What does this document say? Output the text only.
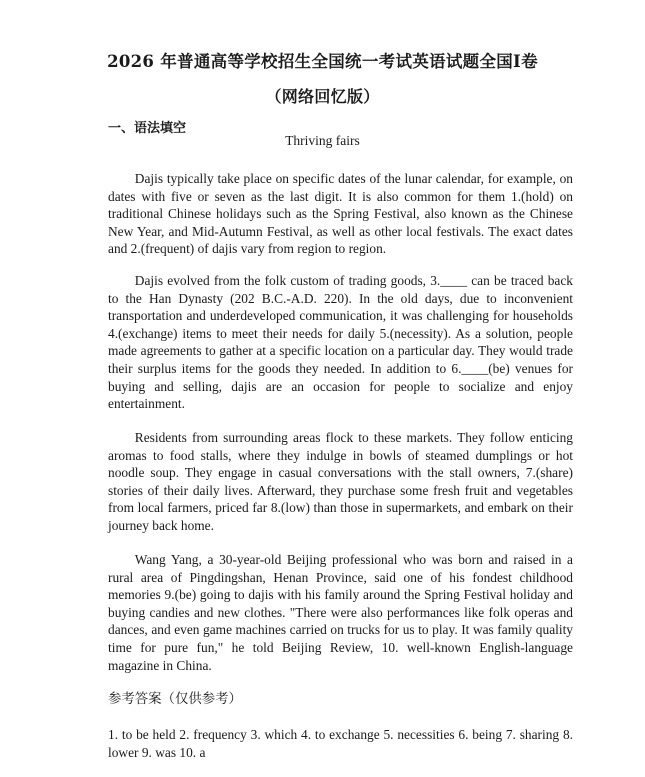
2026 年普通高等学校招生全国统一考试英语试题全国Ⅰ卷
（网络回忆版）
一、语法填空
Thriving fairs

Dajis typically take place on specific dates of the lunar calendar, for example, on dates with five or seven as the last digit. It is also common for them 1.(hold) on traditional Chinese holidays such as the Spring Festival, also known as the Chinese New Year, and Mid-Autumn Festival, as well as other local festivals. The exact dates and 2.(frequent) of dajis vary from region to region.

Dajis evolved from the folk custom of trading goods, 3.____ can be traced back to the Han Dynasty (202 B.C.-A.D. 220). In the old days, due to inconvenient transportation and underdeveloped communication, it was challenging for households 4.(exchange) items to meet their needs for daily 5.(necessity). As a solution, people made agreements to gather at a specific location on a particular day. They would trade their surplus items for the goods they needed. In addition to 6.____(be) venues for buying and selling, dajis are an occasion for people to socialize and enjoy entertainment.

Residents from surrounding areas flock to these markets. They follow enticing aromas to food stalls, where they indulge in bowls of steamed dumplings or hot noodle soup. They engage in casual conversations with the stall owners, 7.(share) stories of their daily lives. Afterward, they purchase some fresh fruit and vegetables from local farmers, priced far 8.(low) than those in supermarkets, and embark on their journey back home.

Wang Yang, a 30-year-old Beijing professional who was born and raised in a rural area of Pingdingshan, Henan Province, said one of his fondest childhood memories 9.(be) going to dajis with his family around the Spring Festival holiday and buying candies and new clothes. "There were also performances like folk operas and dances, and even game machines carried on trucks for us to play. It was family quality time for pure fun," he told Beijing Review, 10. well-known English-language magazine in China.

参考答案（仅供参考）

1. to be held 2. frequency 3. which 4. to exchange 5. necessities 6. being 7. sharing 8. lower 9. was 10. a
